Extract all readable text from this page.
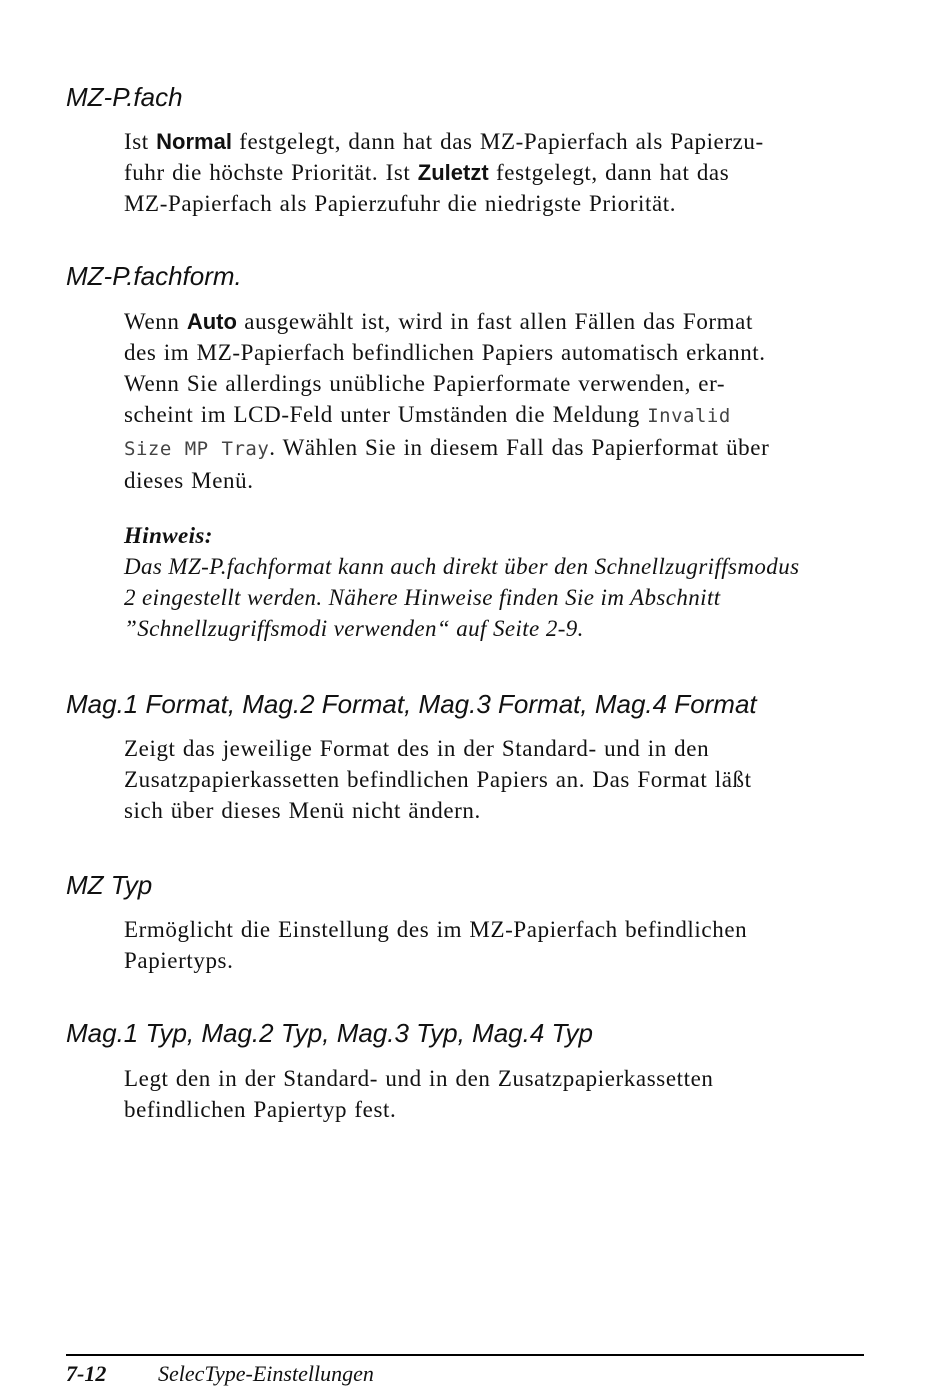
MZ-P.fach
Ist Normal festgelegt, dann hat das MZ-Papierfach als Papierzu-
fuhr die höchste Priorität. Ist Zuletzt festgelegt, dann hat das
MZ-Papierfach als Papierzufuhr die niedrigste Priorität.
MZ-P.fachform.
Wenn Auto ausgewählt ist, wird in fast allen Fällen das Format
des im MZ-Papierfach befindlichen Papiers automatisch erkannt.
Wenn Sie allerdings unübliche Papierformate verwenden, er-
scheint im LCD-Feld unter Umständen die Meldung Invalid
Size MP Tray. Wählen Sie in diesem Fall das Papierformat über
dieses Menü.
Hinweis:
Das MZ-P.fachformat kann auch direkt über den Schnellzugriffsmodus
2 eingestellt werden. Nähere Hinweise finden Sie im Abschnitt
”Schnellzugriffsmodi verwenden“ auf Seite 2-9.
Mag.1 Format, Mag.2 Format, Mag.3 Format, Mag.4 Format
Zeigt das jeweilige Format des in der Standard- und in den
Zusatzpapierkassetten befindlichen Papiers an. Das Format läßt
sich über dieses Menü nicht ändern.
MZ Typ
Ermöglicht die Einstellung des im MZ-Papierfach befindlichen
Papiertyps.
Mag.1 Typ, Mag.2 Typ, Mag.3 Typ, Mag.4 Typ
Legt den in der Standard- und in den Zusatzpapierkassetten
befindlichen Papiertyp fest.
7-12 SelecType-Einstellungen
